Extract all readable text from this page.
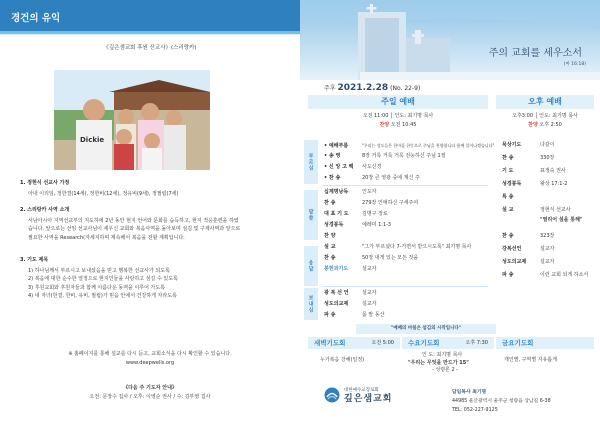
경건의 유익
《깊은샘교회 후원 선교사》(스리랑카)
Dickie
1. 정현식 선교사 가정
아내 이리임, 정한결(14세), 정한비(12세), 정유비(9세), 정필립(7세)
2. 스리랑카 사역 소개
서남아시아 지역선교부의 지도하에 2년 동안 현지 언어와 문화를 습득하고, 현지 적응훈련을 하였
습니다. 앞으로는 선임 선교사님이 세우신 교회와 복음사역을 돌아보며 섬김 및 구제사역과 앞으로
필요한 사역을 Research(자세지하며 계속해서 복음을 전할 계획입니다.
3. 기도 제목
1) 하나님께서 부르시고 보내셨음을 믿고 행복한 선교사가 되도록
2) 복음에 대한 순수한 열정으로 현지인들을 사랑하고 섬길 수 있도록
3) 후원교회와 후원자들과 함께 아름다운 동역을 이루어 가도록
4) 네 자녀(한결, 한비, 유비, 필립)가 믿음 안에서 건강하게 자라도록
※ 홈페이지를 통해 설교를 다시 듣고, 교회소식을 다시 확인할 수 있습니다.
www.deepwells.org
《다음 주 기도자 안내》
오전: 문장수 집사 / 오후: 이영순 권사 / 수: 김부영 집사
주의 교회를 세우소서
(마 16:18)
주후 2021.2.28 (No. 22-9)
주일 예배
오전 11:00 │ 인도: 최기명 목사
찬양 오전 10:45
부르심
말씀
응답
보내심
• 예배부름	"우리는 성도들은 한마음 한뜻으로 주님을 찬양합니다 함께 일어나겠습니다"
• 송 영	8장 거룩 거룩 거룩 전능하신 주님 1절
• 신 앙 고 백 사도신경
• 찬 송	20장 큰 영광 중에 계신 주
십계명낭독	인도자
찬 송	279장 인애하신 구세주여
대 표 기 도	김명구 장로
성경봉독	예레미 1:1-3
찬 양
설 교	"그가 부르셨다 7-가면서 받으시도록" 최기명 목사
찬 송	50장 내게 있는 모든 것을
봉헌과기도	설교자
광 복 선 언	설교자
성도의교제	설교자
파 송	몸 맘 동산
오후 예배
오후3:00 │ 인도: 최기명 목사
찬양 오후 2:50
묵상기도	다같이
찬 송	330장
기 도	표정숙 권사
성경봉독	왕상 17:1-2
특 송
설 교	정현식 선교사
"열리어 설을 통해"
찬 송	323장
강복선언	설교자
성도의교제	설교자
파 송	이런 교회 되게 하소서
"예배의 마침은 섬김의 시작입니다"
새벽기도회	오전 5:00
누가복음 강해(일정)
수요기도회	오후 7:30
인 도: 최기명 목사
"우리는 무엇을 만드가 15"
- 성령론 2 -
금요기도회
개인별, 구역별 자유롭게
대한예수교장로회
깊은샘교회
담임목사 최기명
44985 울산광역시 울주군 청량읍 상남길 6-38
TEL: 052-227-9125
